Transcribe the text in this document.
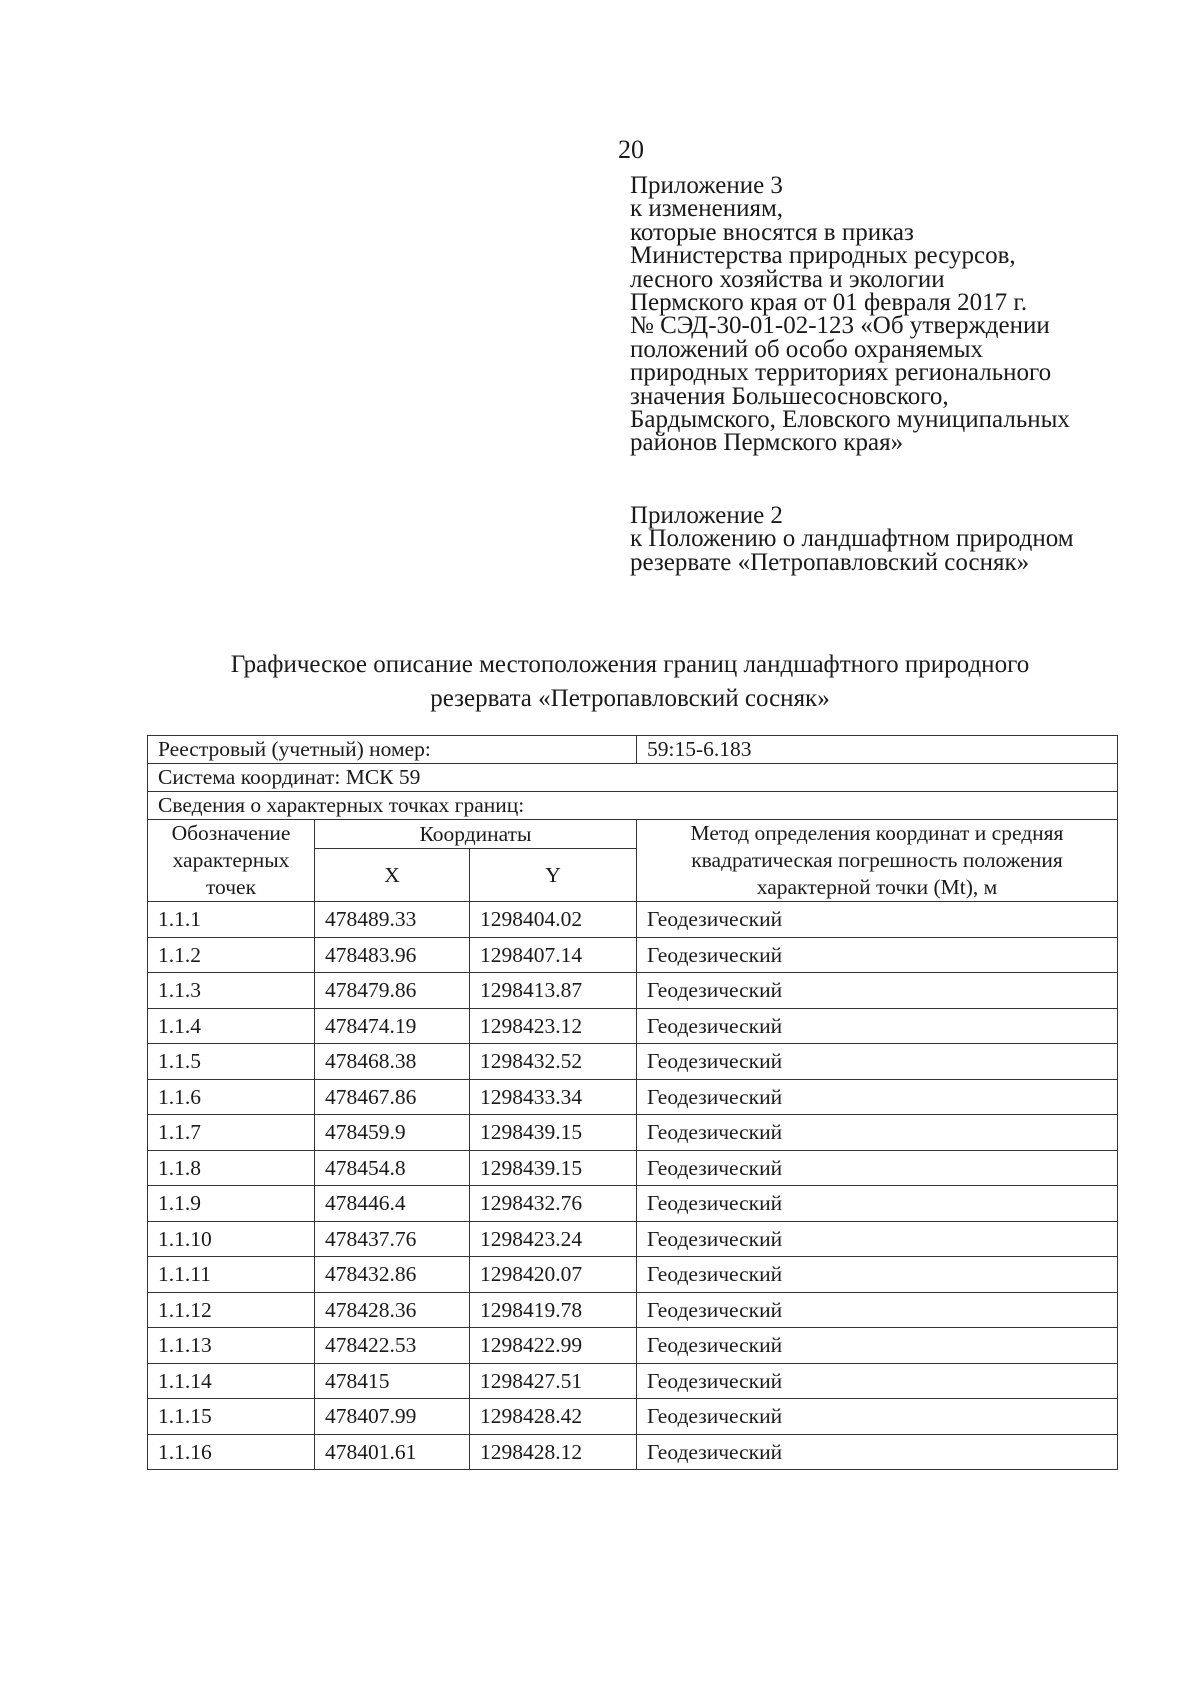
20
Приложение 3
к изменениям,
которые вносятся в приказ
Министерства природных ресурсов,
лесного хозяйства и экологии
Пермского края от 01 февраля 2017 г.
№ СЭД-30-01-02-123 «Об утверждении
положений об особо охраняемых
природных территориях регионального
значения Большесосновского,
Бардымского, Еловского муниципальных
районов Пермского края»
Приложение 2
к Положению о ландшафтном природном
резервате «Петропавловский сосняк»
Графическое описание местоположения границ ландшафтного природного
резервата «Петропавловский сосняк»
Реестровый (учетный) номер:			59:15-6.183
Система координат: МСК 59			
Сведения о характерных точках границ:			
Обозначение характерных точек	Координаты		Метод определения координат и средняя квадратическая погрешность положения характерной точки (Mt), м
	X	Y	
1.1.1	478489.33	1298404.02	Геодезический
1.1.2	478483.96	1298407.14	Геодезический
1.1.3	478479.86	1298413.87	Геодезический
1.1.4	478474.19	1298423.12	Геодезический
1.1.5	478468.38	1298432.52	Геодезический
1.1.6	478467.86	1298433.34	Геодезический
1.1.7	478459.9	1298439.15	Геодезический
1.1.8	478454.8	1298439.15	Геодезический
1.1.9	478446.4	1298432.76	Геодезический
1.1.10	478437.76	1298423.24	Геодезический
1.1.11	478432.86	1298420.07	Геодезический
1.1.12	478428.36	1298419.78	Геодезический
1.1.13	478422.53	1298422.99	Геодезический
1.1.14	478415	1298427.51	Геодезический
1.1.15	478407.99	1298428.42	Геодезический
1.1.16	478401.61	1298428.12	Геодезический
